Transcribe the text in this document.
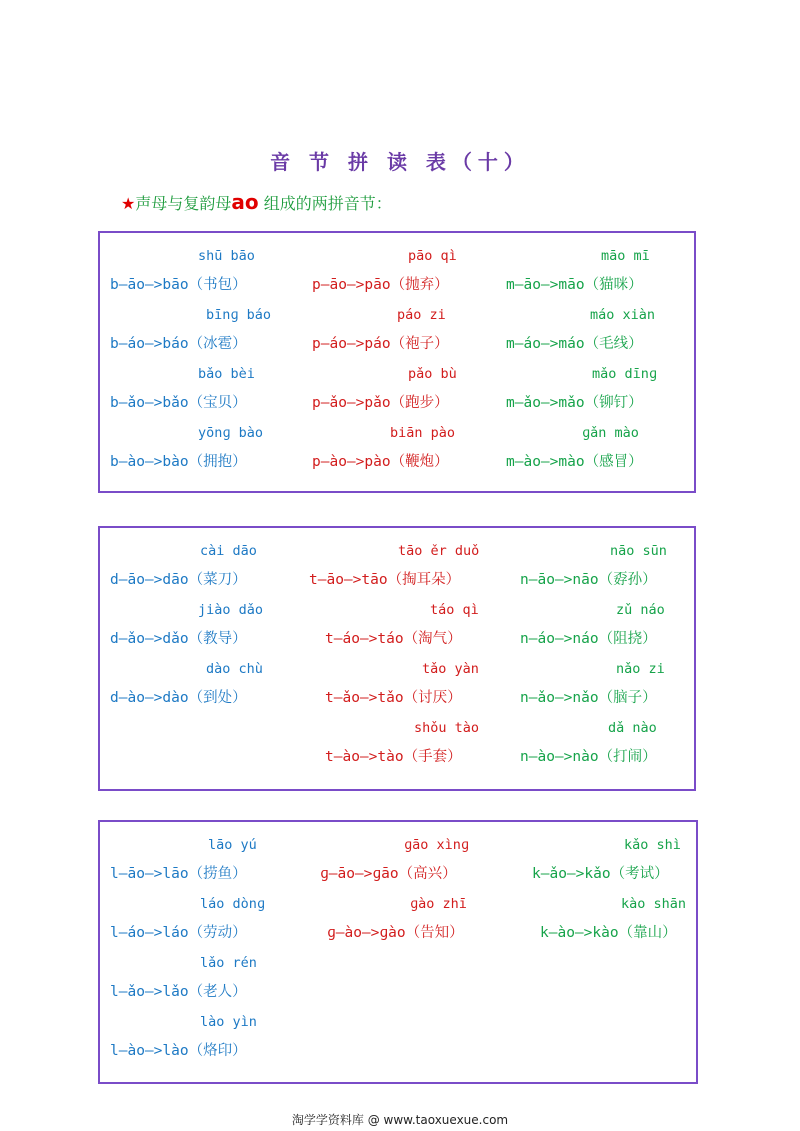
音 节 拼 读 表（十）
★声母与复韵母ao 组成的两拼音节：
shū bāo
b—āo—>bāo（书包）
bīnɡ báo
b—áo—>báo（冰雹）
bǎo bèi
b—ǎo—>bǎo（宝贝）
yōnɡ bào
b—ào—>bào（拥抱）
pāo qì
p—āo—>pāo（抛弃）
páo zi
p—áo—>páo（袍子）
pǎo bù
p—ǎo—>pǎo（跑步）
biān pào
p—ào—>pào（鞭炮）
māo mī
m—āo—>māo（猫咪）
máo xiàn
m—áo—>máo（毛线）
mǎo dīnɡ
m—ǎo—>mǎo（铆钉）
ɡǎn mào
m—ào—>mào（感冒）
cài dāo
d—āo—>dāo（菜刀）
jiào dǎo
d—ǎo—>dǎo（教导）
dào chù
d—ào—>dào（到处）
tāo ěr duǒ
t—āo—>tāo（掏耳朵）
táo qì
t—áo—>táo（淘气）
tǎo yàn
t—ǎo—>tǎo（讨厌）
shǒu tào
t—ào—>tào（手套）
nāo sūn
n—āo—>nāo（孬孙）
zǔ náo
n—áo—>náo（阻挠）
nǎo zi
n—ǎo—>nǎo（脑子）
dǎ nào
n—ào—>nào（打闹）
lāo yú
l—āo—>lāo（捞鱼）
láo dònɡ
l—áo—>láo（劳动）
lǎo rén
l—ǎo—>lǎo（老人）
lào yìn
l—ào—>lào（烙印）
ɡāo xìnɡ
ɡ—āo—>ɡāo（高兴）
ɡào zhī
ɡ—ào—>ɡào（告知）
kǎo shì
k—ǎo—>kǎo（考试）
kào shān
k—ào—>kào（靠山）
淘学学资料库 @ www.taoxuexue.com
